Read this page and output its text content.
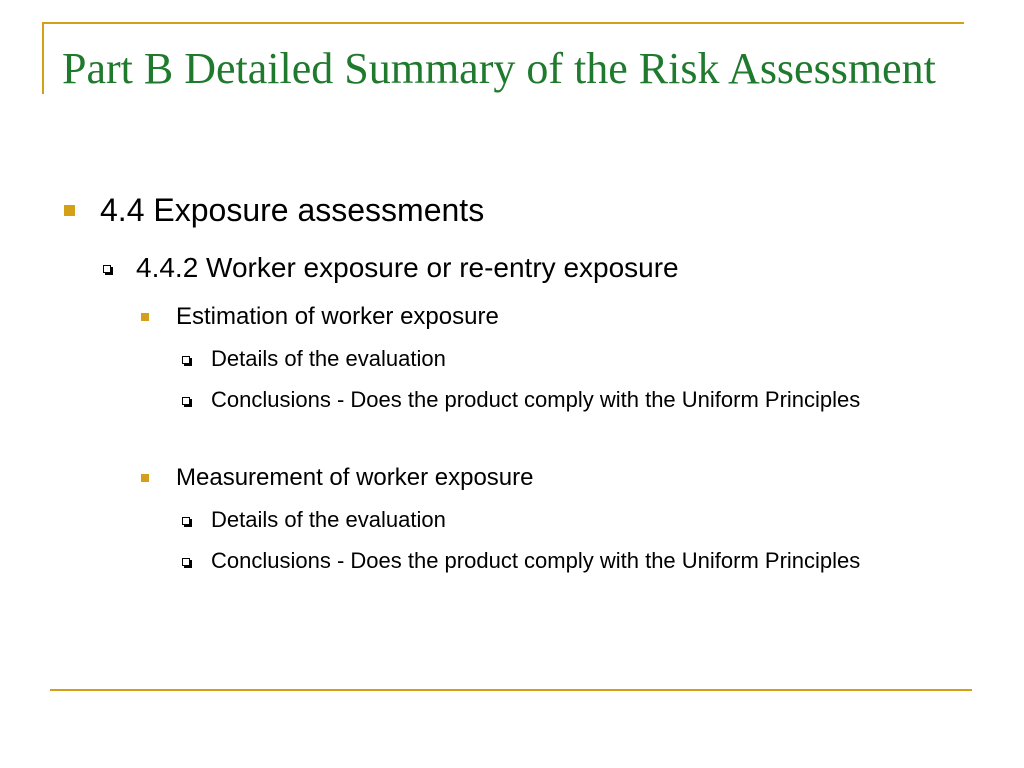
Part B Detailed Summary of the Risk Assessment
4.4 Exposure assessments
4.4.2 Worker exposure or re-entry exposure
Estimation of worker exposure
Details of the evaluation
Conclusions - Does the product comply with the Uniform Principles
Measurement of worker exposure
Details of the evaluation
Conclusions - Does the product comply with the Uniform Principles
